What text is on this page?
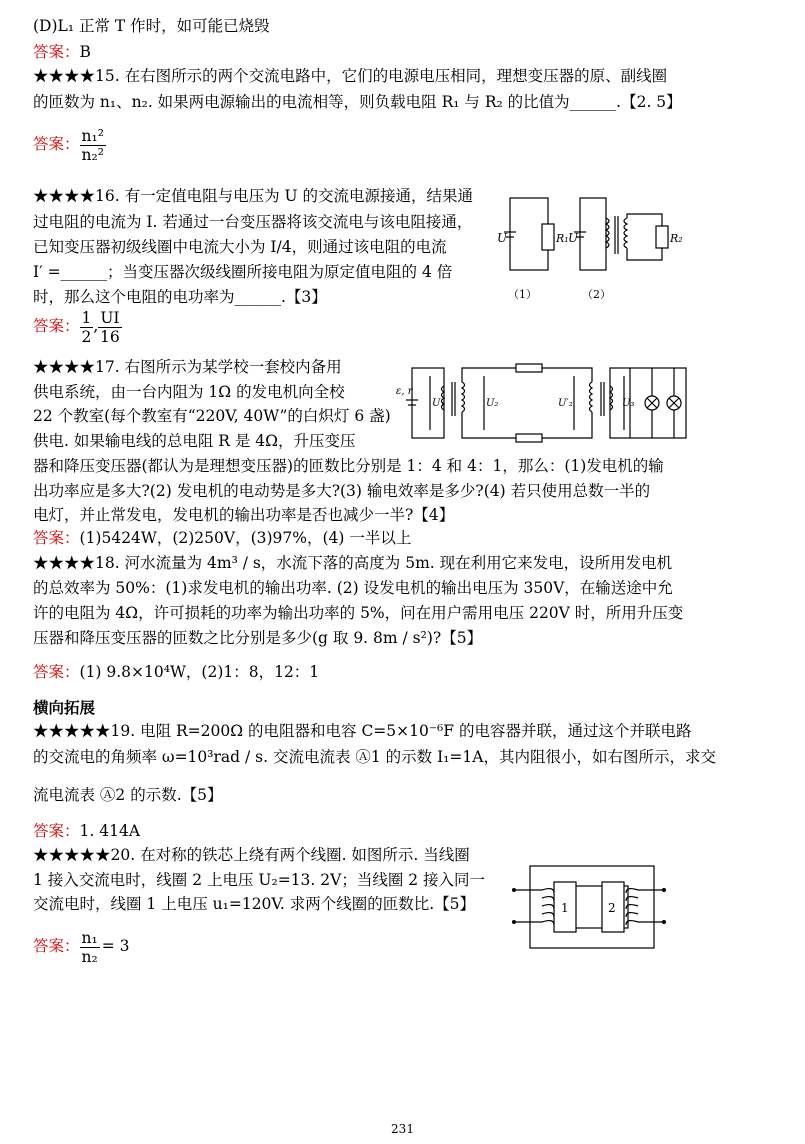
(D)L₁ 正常 T 作时，如可能已烧毁
答案：B
★★★★15. 在右图所示的两个交流电路中，它们的电源电压相同，理想变压器的原、副线圈
的匝数为 n₁、n₂. 如果两电源输出的电流相等，则负载电阻 R₁ 与 R₂ 的比值为______.【2. 5】
答案： $\frac{\text{n₁²}}{\text{n₂²}}$
★★★★16. 有一定值电阻与电压为 U 的交流电源接通，结果通
过电阻的电流为 I. 若通过一台变压器将该交流电与该电阻接通，
已知变压器初级线圈中电流大小为 I/4，则通过该电阻的电流
I′ =______；当变压器次级线圈所接电阻为原定值电阻的 4 倍
时，那么这个电阻的电功率为______.【3】
答案： $\frac{1}{2}$ , $\frac{UI}{16}$
★★★★17. 右图所示为某学校一套校内备用
供电系统，由一台内阻为 1Ω 的发电机向全校
22 个教室(每个教室有“220V, 40W”的白炽灯 6 盏)
供电. 如果输电线的总电阻 R 是 4Ω，升压变压
器和降压变压器(都认为是理想变压器)的匝数比分别是 1：4 和 4：1，那么：(1)发电机的输
出功率应是多大?(2) 发电机的电动势是多大?(3) 输电效率是多少?(4) 若只使用总数一半的
电灯，并止常发电，发电机的输出功率是否也减少一半?【4】
答案：(1)5424W，(2)250V，(3)97%，(4) 一半以上
★★★★18. 河水流量为 4m³ / s，水流下落的高度为 5m. 现在利用它来发电，设所用发电机
的总效率为 50%：(1)求发电机的输出功率. (2) 设发电机的输出电压为 350V，在输送途中允
许的电阻为 4Ω，许可损耗的功率为输出功率的 5%，问在用户需用电压 220V 时，所用升压变
压器和降压变压器的匝数之比分别是多少(g 取 9. 8m / s²)?【5】
答案：(1) 9.8×10⁴W，(2)1：8，12：1
横向拓展
★★★★★19. 电阻 R=200Ω 的电阻器和电容 C=5×10⁻⁶F 的电容器并联，通过这个并联电路
的交流电的角频率 ω=10³rad / s. 交流电流表 Ⓐ1 的示数 I₁=1A，其内阻很小，如右图所示，求交
流电流表 Ⓐ2 的示数.【5】
答案：1. 414A
★★★★★20. 在对称的铁芯上绕有两个线圈. 如图所示. 当线圈
1 接入交流电时，线圈 2 上电压 U₂=13. 2V；当线圈 2 接入同一
交流电时，线圈 1 上电压 u₁=120V. 求两个线圈的匝数比.【5】
答案： $\frac{\text{n₁}}{\text{n₂}} = 3$
U	R₁ U	R₂
（1）	（2）
ε, r
U₁	U₂	U′₂	U₃
1	2
231
